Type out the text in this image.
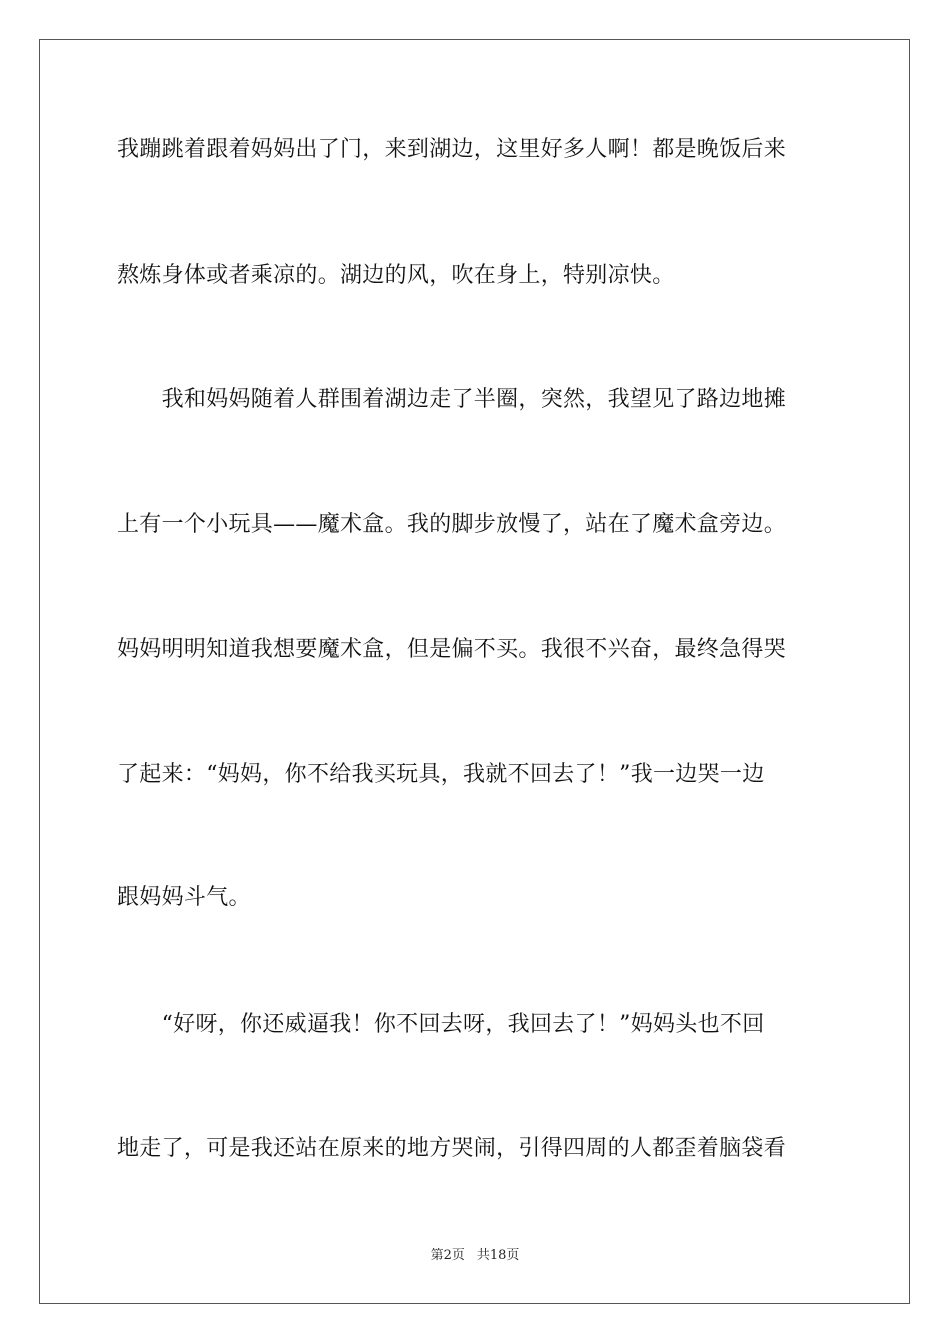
我蹦跳着跟着妈妈出了门，来到湖边，这里好多人啊！都是晚饭后来
熬炼身体或者乘凉的。湖边的风，吹在身上，特别凉快。
　　我和妈妈随着人群围着湖边走了半圈，突然，我望见了路边地摊
上有一个小玩具——魔术盒。我的脚步放慢了，站在了魔术盒旁边。
妈妈明明知道我想要魔术盒，但是偏不买。我很不兴奋，最终急得哭
了起来：“妈妈，你不给我买玩具，我就不回去了！”我一边哭一边
跟妈妈斗气。
　　“好呀，你还威逼我！你不回去呀，我回去了！”妈妈头也不回
地走了，可是我还站在原来的地方哭闹，引得四周的人都歪着脑袋看
第2页 共18页
